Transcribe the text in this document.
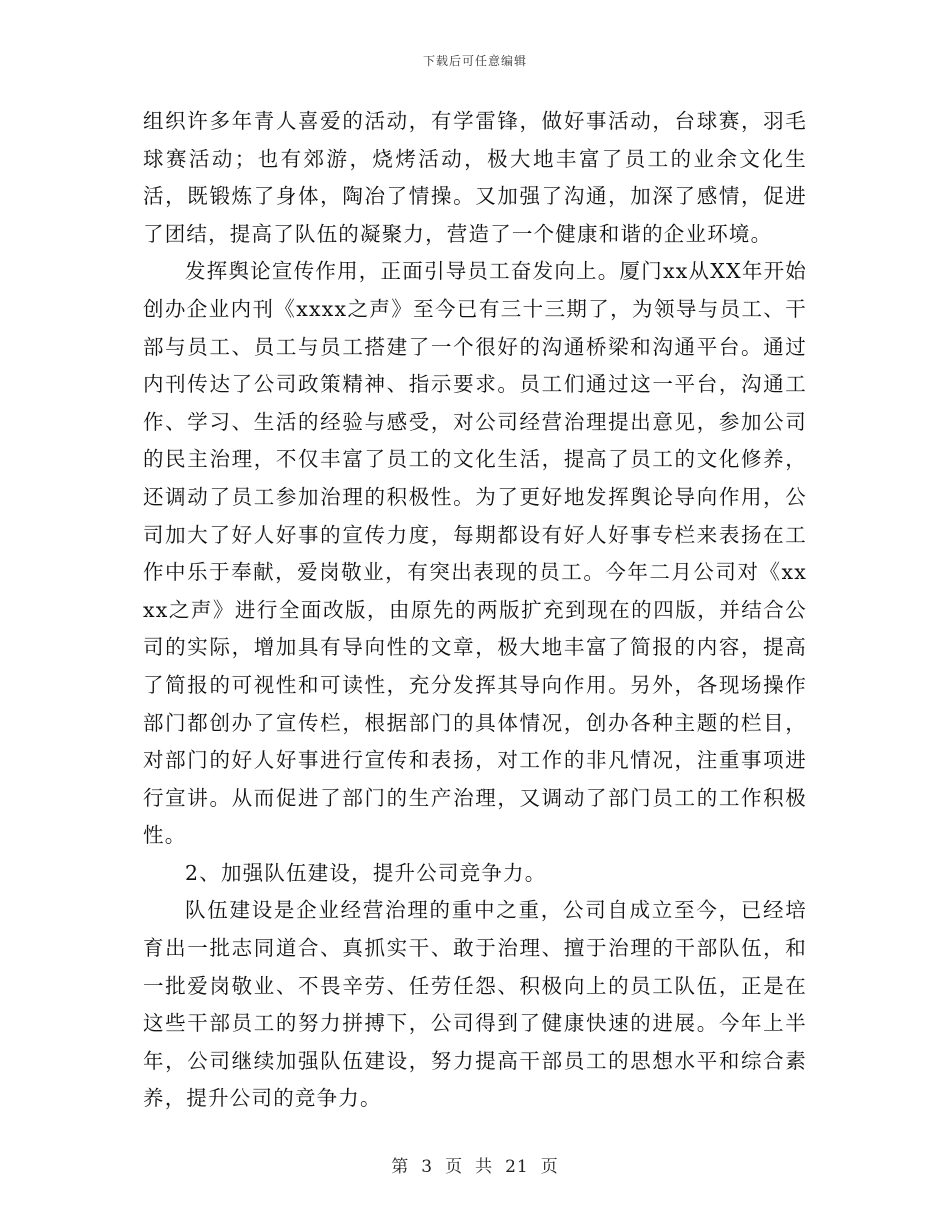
下载后可任意编辑

组织许多年青人喜爱的活动，有学雷锋，做好事活动，台球赛，羽毛球赛活动；也有郊游，烧烤活动，极大地丰富了员工的业余文化生活，既锻炼了身体，陶冶了情操。又加强了沟通，加深了感情，促进了团结，提高了队伍的凝聚力，营造了一个健康和谐的企业环境。

发挥舆论宣传作用，正面引导员工奋发向上。厦门xx从XX年开始创办企业内刊《xxxx之声》至今已有三十三期了，为领导与员工、干部与员工、员工与员工搭建了一个很好的沟通桥梁和沟通平台。通过内刊传达了公司政策精神、指示要求。员工们通过这一平台，沟通工作、学习、生活的经验与感受，对公司经营治理提出意见，参加公司的民主治理，不仅丰富了员工的文化生活，提高了员工的文化修养，还调动了员工参加治理的积极性。为了更好地发挥舆论导向作用，公司加大了好人好事的宣传力度，每期都设有好人好事专栏来表扬在工作中乐于奉献，爱岗敬业，有突出表现的员工。今年二月公司对《xxxx之声》进行全面改版，由原先的两版扩充到现在的四版，并结合公司的实际，增加具有导向性的文章，极大地丰富了简报的内容，提高了简报的可视性和可读性，充分发挥其导向作用。另外，各现场操作部门都创办了宣传栏，根据部门的具体情况，创办各种主题的栏目，对部门的好人好事进行宣传和表扬，对工作的非凡情况，注重事项进行宣讲。从而促进了部门的生产治理，又调动了部门员工的工作积极性。

2、加强队伍建设，提升公司竞争力。

队伍建设是企业经营治理的重中之重，公司自成立至今，已经培育出一批志同道合、真抓实干、敢于治理、擅于治理的干部队伍，和一批爱岗敬业、不畏辛劳、任劳任怨、积极向上的员工队伍，正是在这些干部员工的努力拼搏下，公司得到了健康快速的进展。今年上半年，公司继续加强队伍建设，努力提高干部员工的思想水平和综合素养，提升公司的竞争力。

第 3 页 共 21 页
